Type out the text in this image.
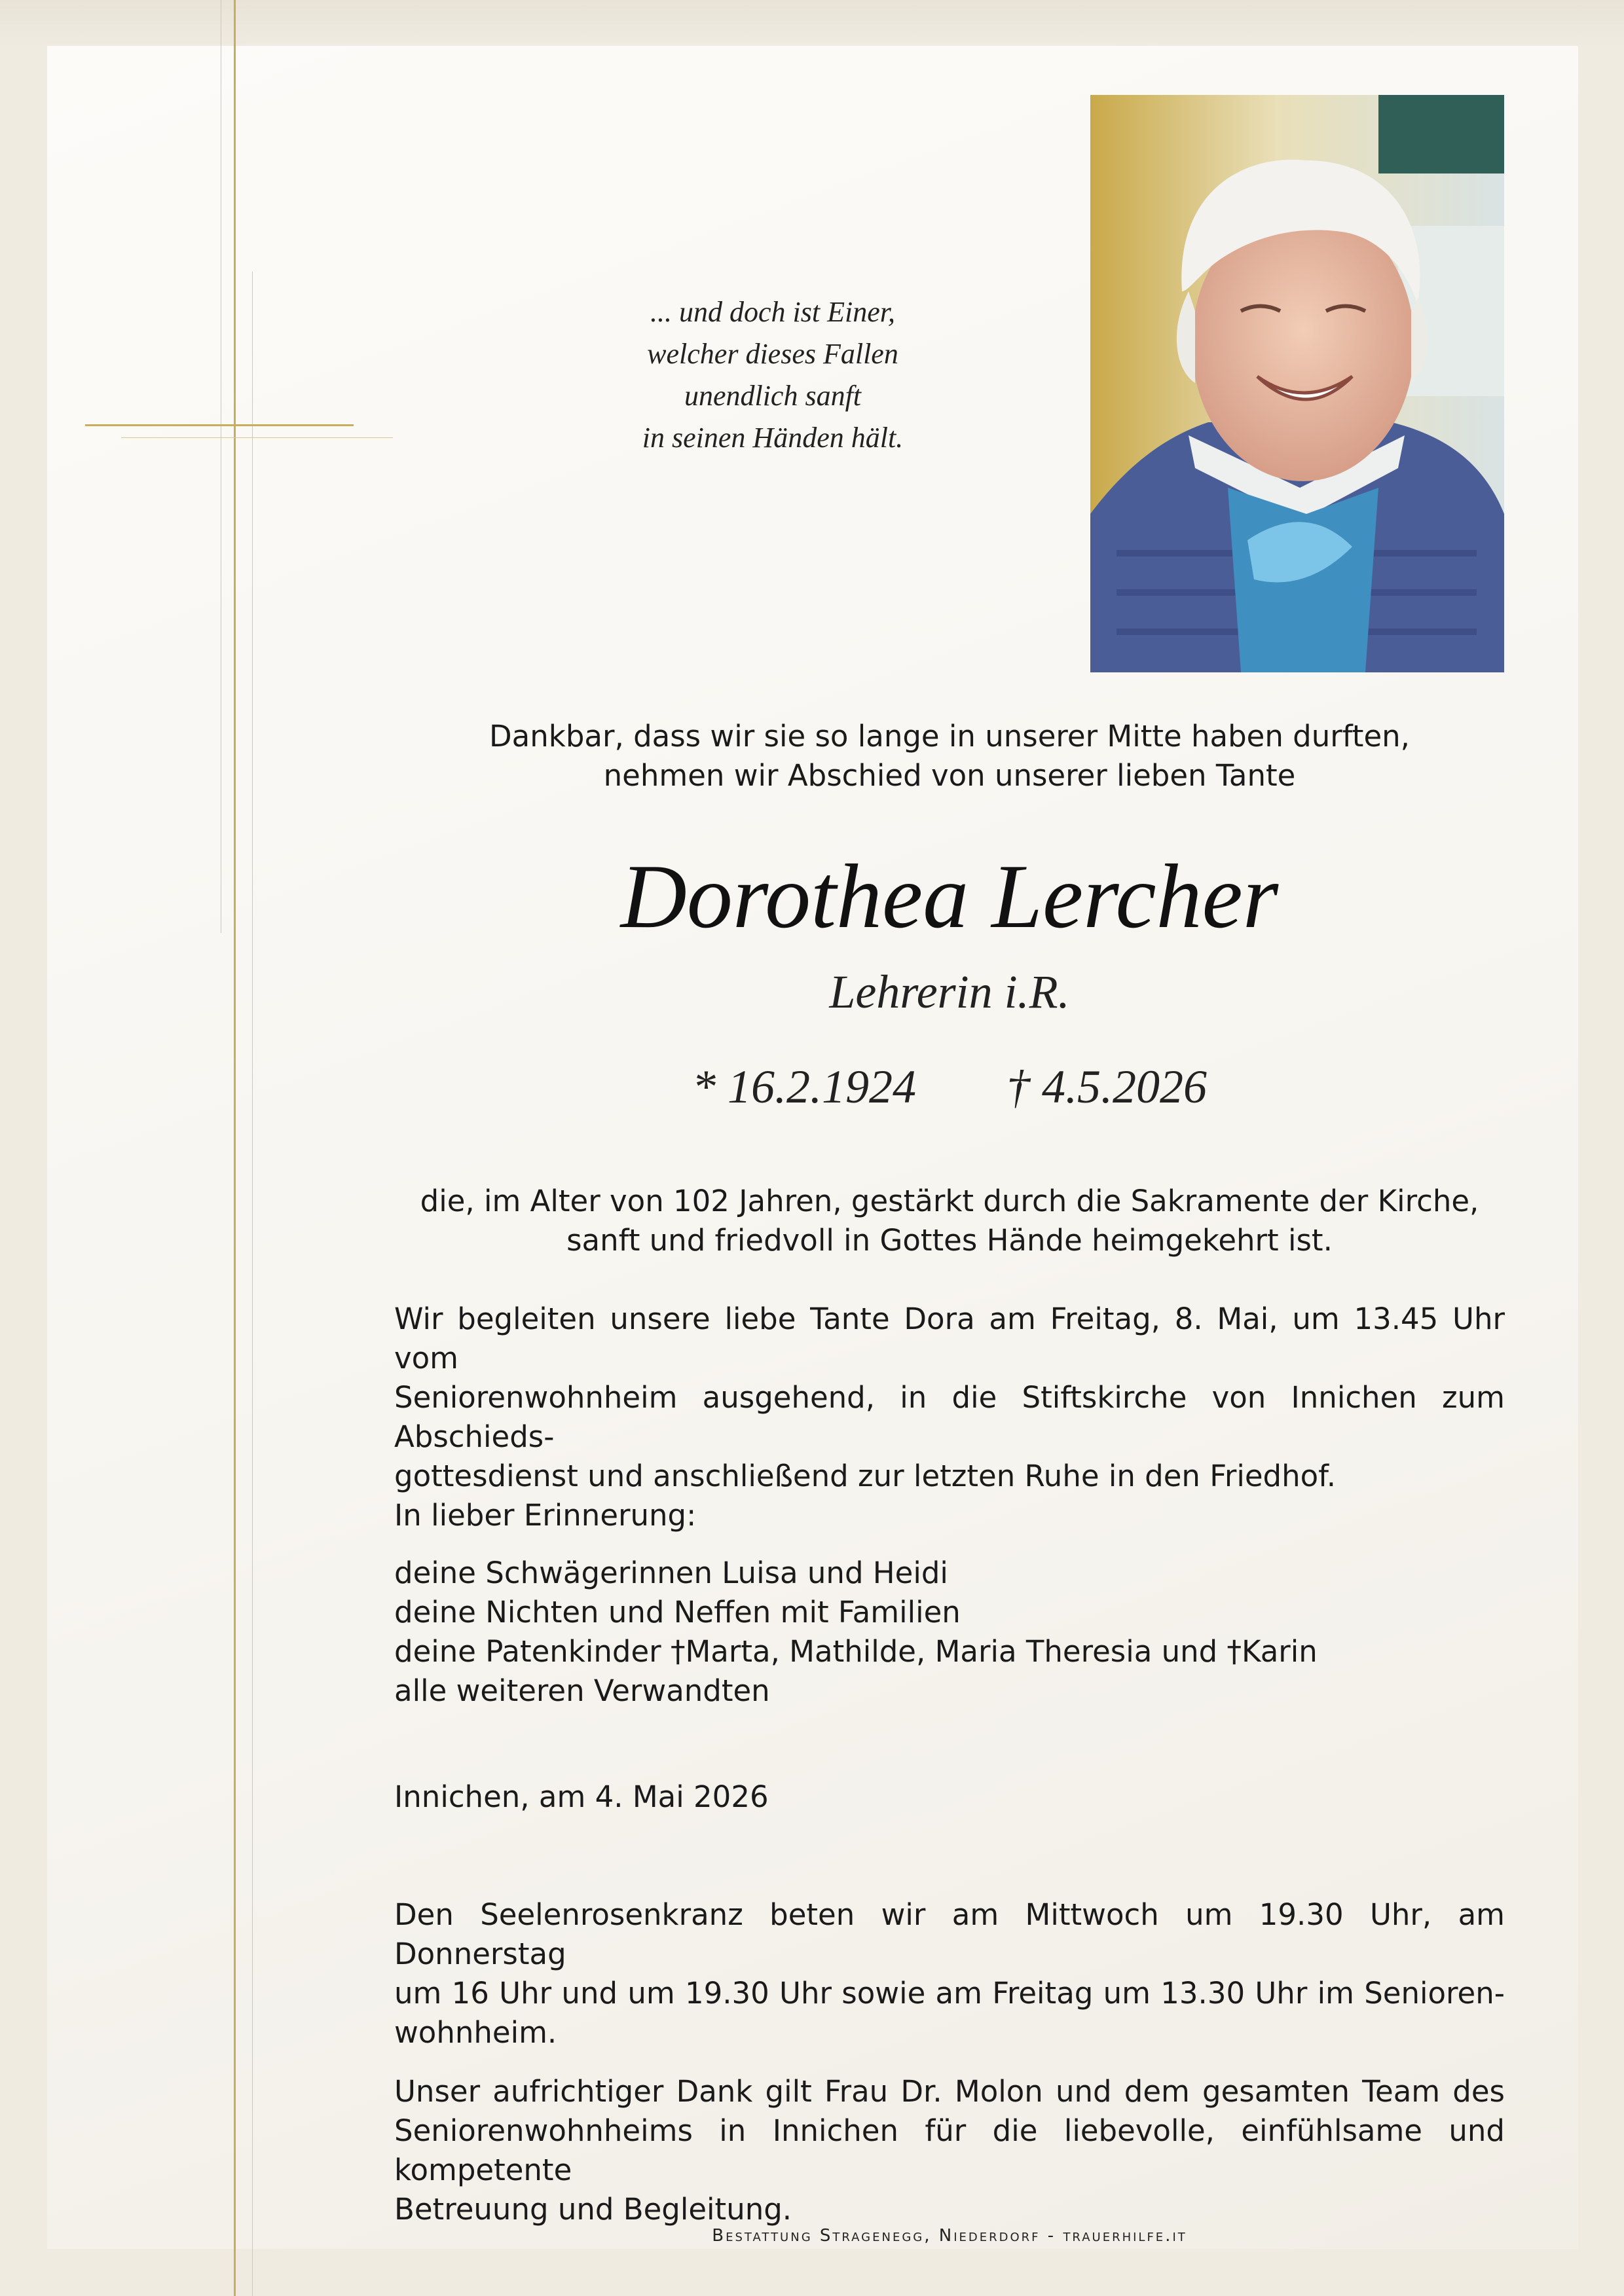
... und doch ist Einer,
welcher dieses Fallen
unendlich sanft
in seinen Händen hält.
Dankbar, dass wir sie so lange in unserer Mitte haben durften,
nehmen wir Abschied von unserer lieben Tante
Dorothea Lercher
Lehrerin i.R.
* 16.2.1924 † 4.5.2026
die, im Alter von 102 Jahren, gestärkt durch die Sakramente der Kirche,
sanft und friedvoll in Gottes Hände heimgekehrt ist.
Wir begleiten unsere liebe Tante Dora am Freitag, 8. Mai, um 13.45 Uhr vom
Seniorenwohnheim ausgehend, in die Stiftskirche von Innichen zum Abschieds-
gottesdienst und anschließend zur letzten Ruhe in den Friedhof.
In lieber Erinnerung:
deine Schwägerinnen Luisa und Heidi
deine Nichten und Neffen mit Familien
deine Patenkinder †Marta, Mathilde, Maria Theresia und †Karin
alle weiteren Verwandten
Innichen, am 4. Mai 2026
Den Seelenrosenkranz beten wir am Mittwoch um 19.30 Uhr, am Donnerstag
um 16 Uhr und um 19.30 Uhr sowie am Freitag um 13.30 Uhr im Senioren-
wohnheim.
Unser aufrichtiger Dank gilt Frau Dr. Molon und dem gesamten Team des
Seniorenwohnheims in Innichen für die liebevolle, einfühlsame und kompetente
Betreuung und Begleitung.
Bestattung Stragenegg, Niederdorf - trauerhilfe.it
